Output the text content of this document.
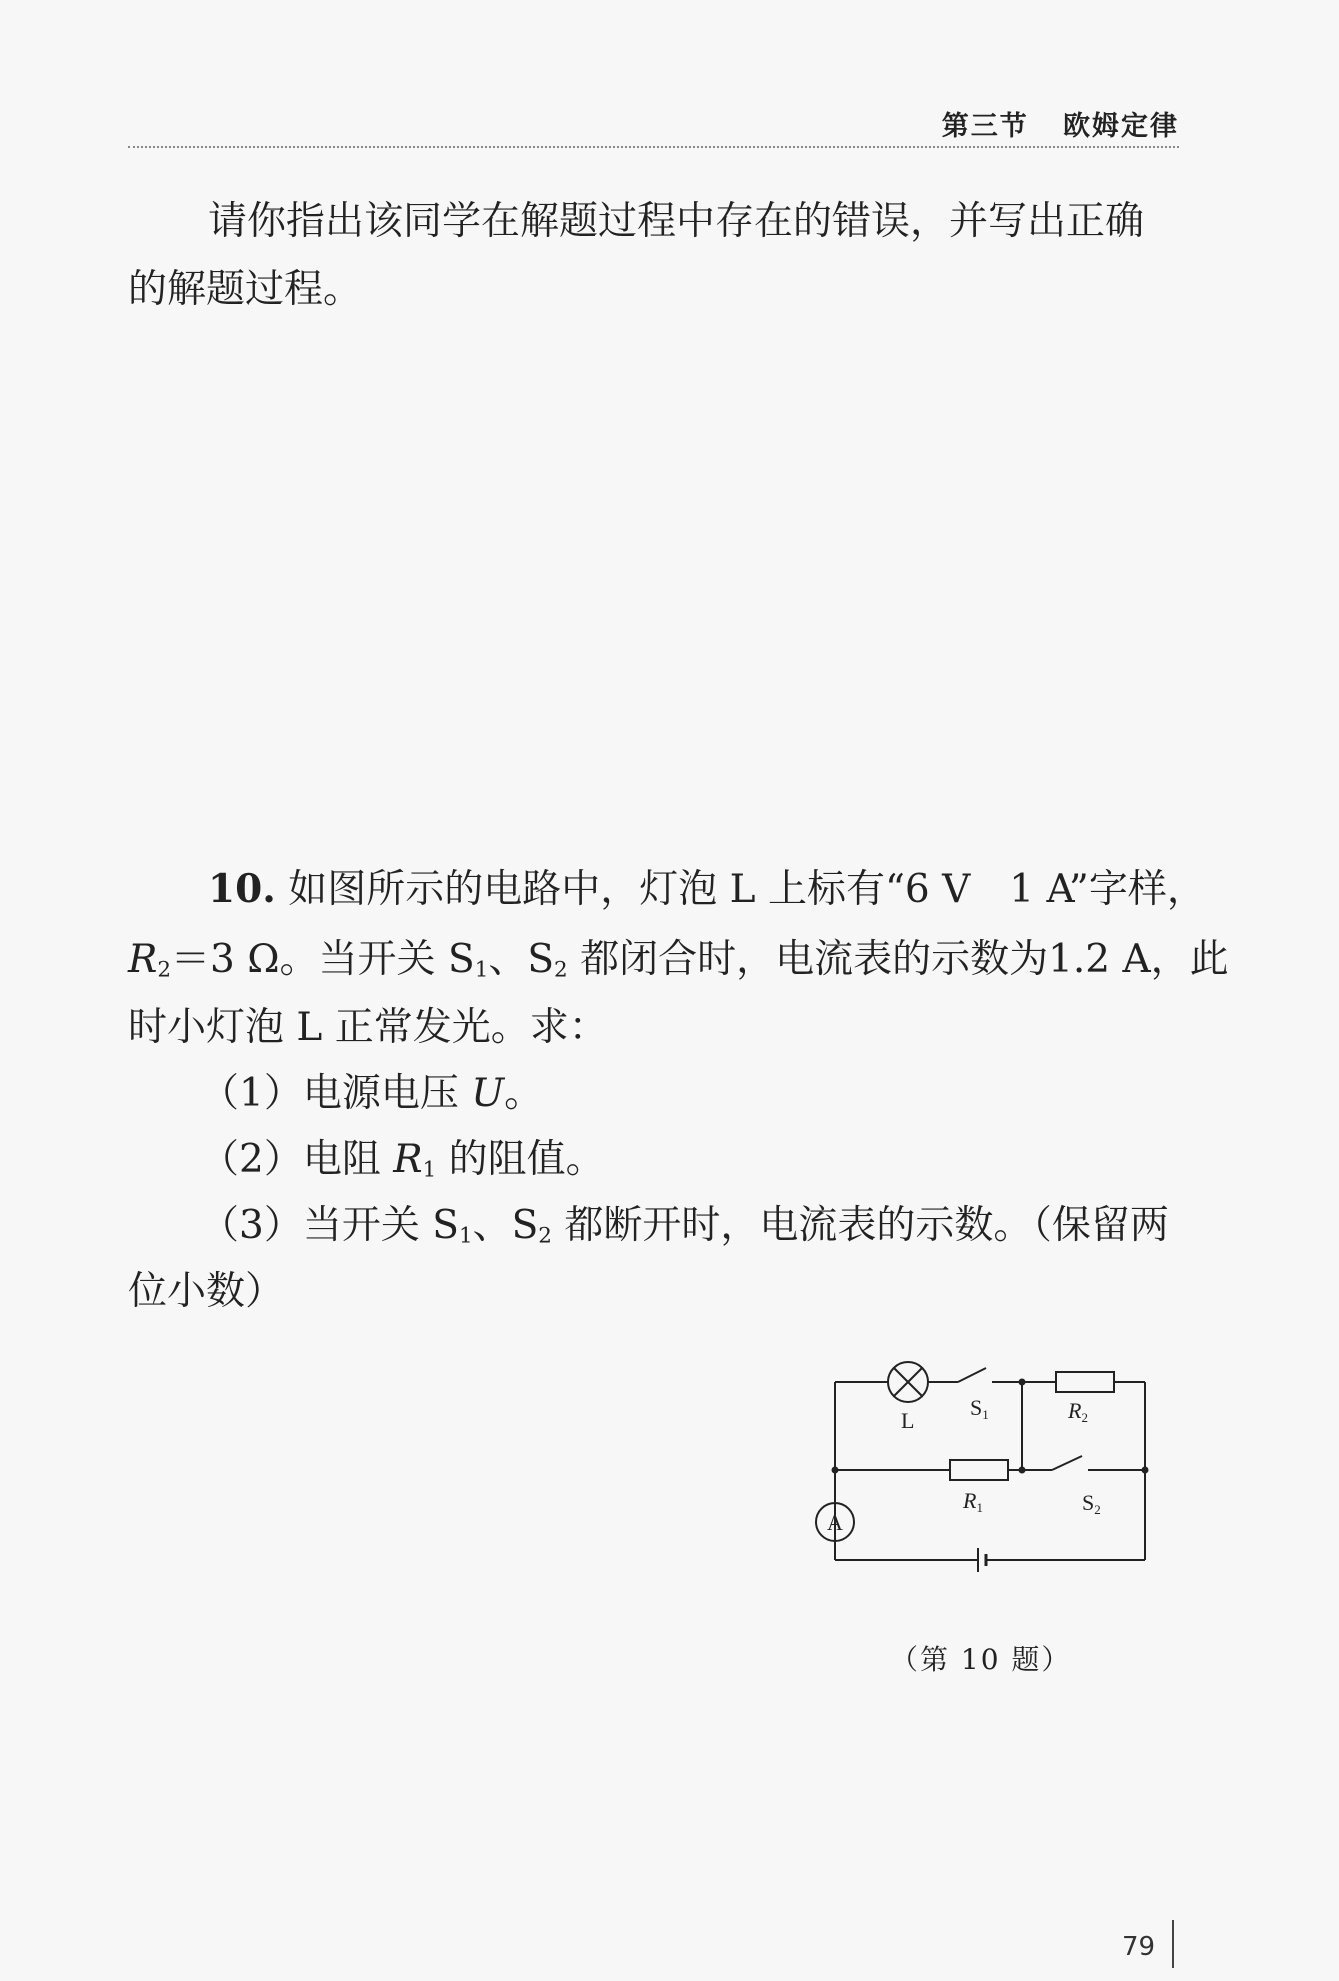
第三节 欧姆定律
请你指出该同学在解题过程中存在的错误，并写出正确
的解题过程。
10. 如图所示的电路中，灯泡 L 上标有“6 V　1 A”字样，
$R_2=3$ Ω。当开关 $S_1$、$S_2$ 都闭合时，电流表的示数为1.2 A，此
时小灯泡 L 正常发光。求：
（1）电源电压 U。
（2）电阻 $R_1$ 的阻值。
（3）当开关 $S_1$、$S_2$ 都断开时，电流表的示数。（保留两
位小数）
L
S1	R2
R1	S2
A
（第 10 题）
79
